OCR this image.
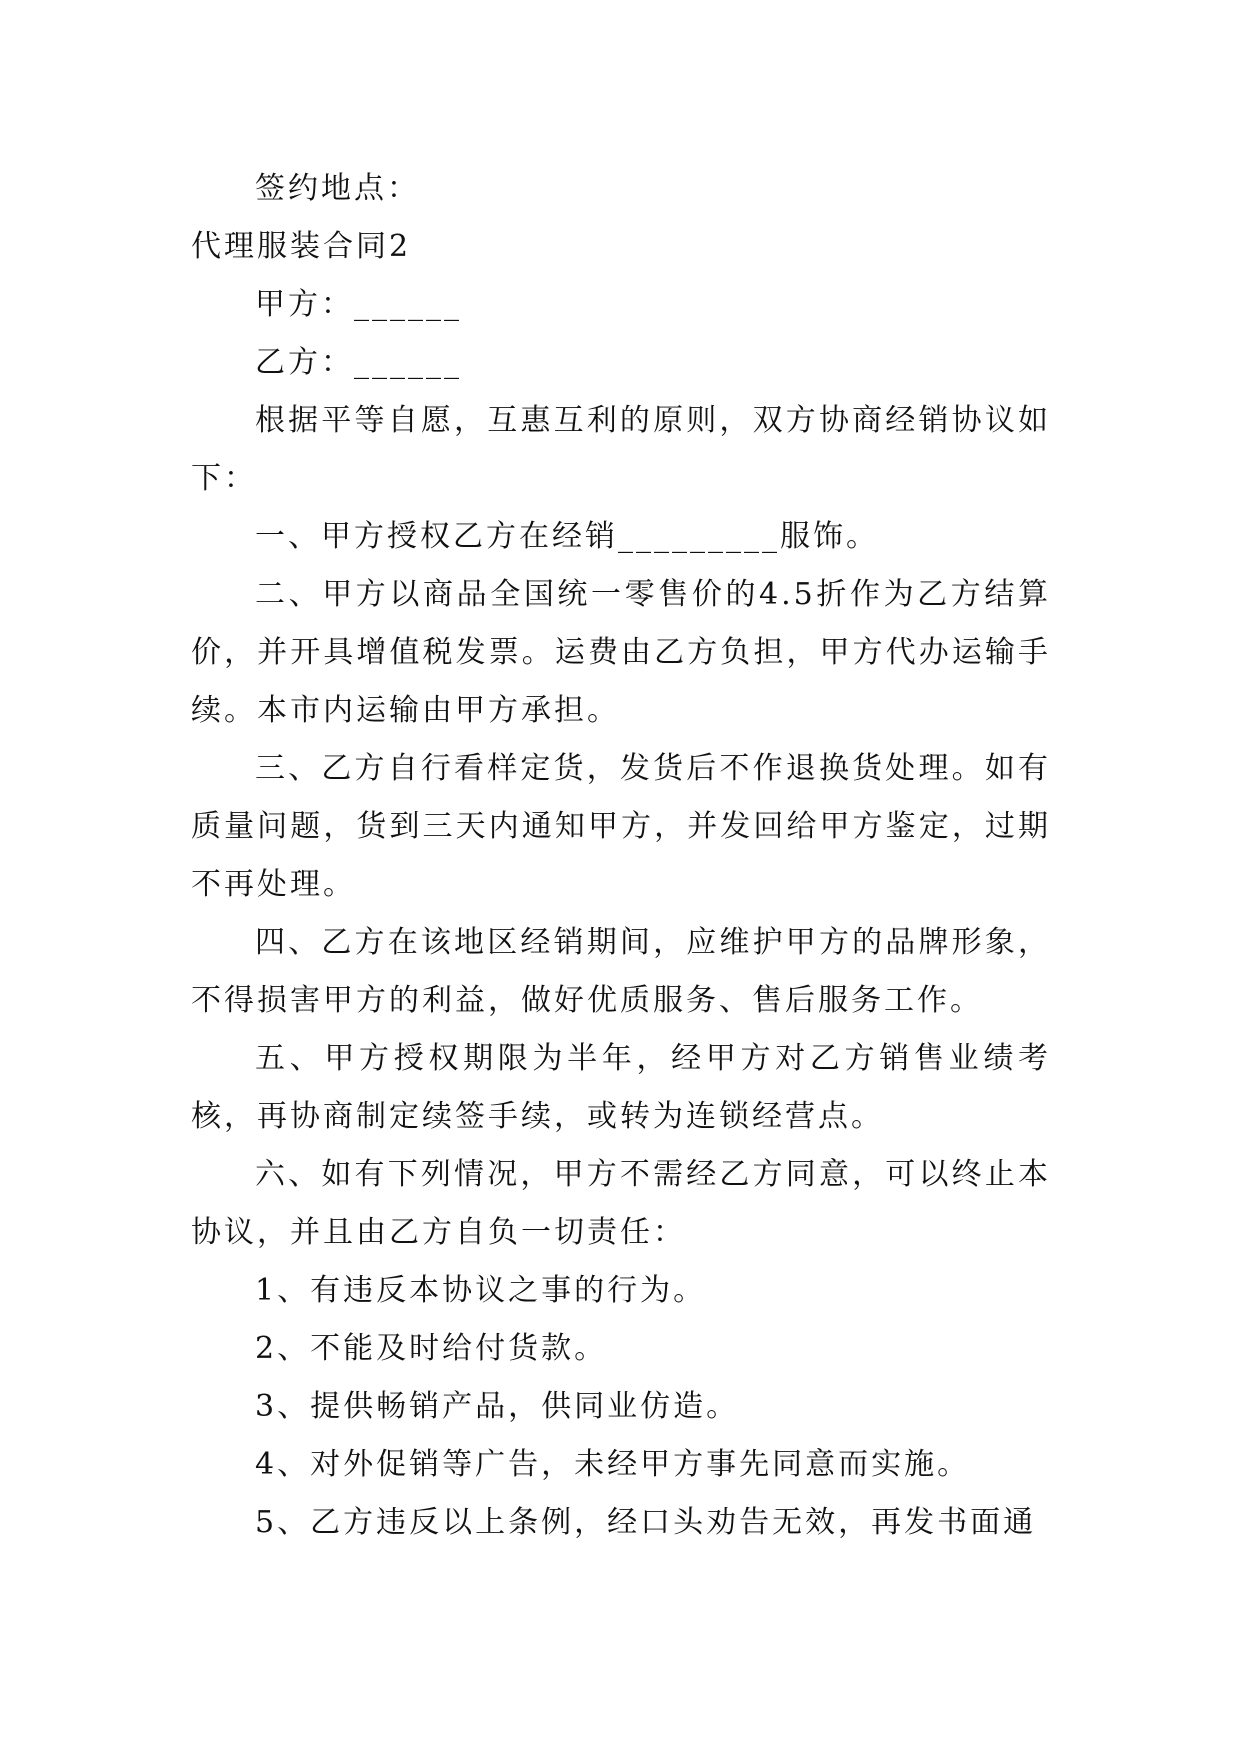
签约地点：

代理服装合同2

甲方：______

乙方：______

根据平等自愿，互惠互利的原则，双方协商经销协议如下：

一、甲方授权乙方在经销_________服饰。

二、甲方以商品全国统一零售价的4.5折作为乙方结算价，并开具增值税发票。运费由乙方负担，甲方代办运输手续。本市内运输由甲方承担。

三、乙方自行看样定货，发货后不作退换货处理。如有质量问题，货到三天内通知甲方，并发回给甲方鉴定，过期不再处理。

四、乙方在该地区经销期间，应维护甲方的品牌形象，不得损害甲方的利益，做好优质服务、售后服务工作。

五、甲方授权期限为半年，经甲方对乙方销售业绩考核，再协商制定续签手续，或转为连锁经营点。

六、如有下列情况，甲方不需经乙方同意，可以终止本协议，并且由乙方自负一切责任：

1、有违反本协议之事的行为。

2、不能及时给付货款。

3、提供畅销产品，供同业仿造。

4、对外促销等广告，未经甲方事先同意而实施。

5、乙方违反以上条例，经口头劝告无效，再发书面通
